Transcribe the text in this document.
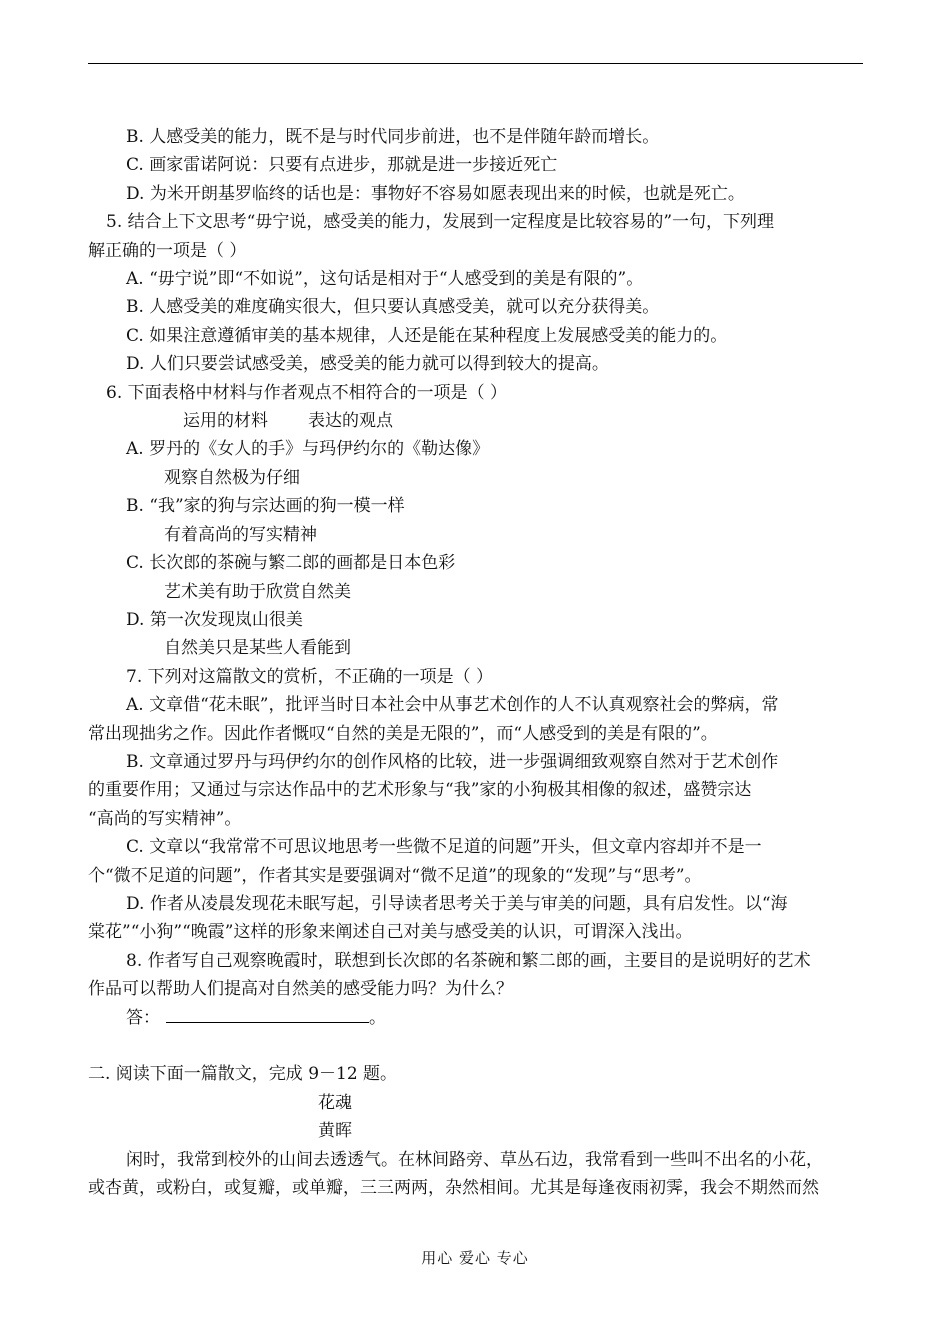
B. 人感受美的能力，既不是与时代同步前进，也不是伴随年龄而增长。
C. 画家雷诺阿说：只要有点进步，那就是进一步接近死亡
D. 为米开朗基罗临终的话也是：事物好不容易如愿表现出来的时候，也就是死亡。
5. 结合上下文思考“毋宁说，感受美的能力，发展到一定程度是比较容易的”一句，下列理
解正确的一项是（ ）
A. “毋宁说”即“不如说”，这句话是相对于“人感受到的美是有限的”。
B. 人感受美的难度确实很大，但只要认真感受美，就可以充分获得美。
C. 如果注意遵循审美的基本规律，人还是能在某种程度上发展感受美的能力的。
D. 人们只要尝试感受美，感受美的能力就可以得到较大的提高。
6. 下面表格中材料与作者观点不相符合的一项是（ ）
运用的材料 表达的观点
A. 罗丹的《女人的手》与玛伊约尔的《勒达像》
观察自然极为仔细
B. “我”家的狗与宗达画的狗一模一样
有着高尚的写实精神
C. 长次郎的茶碗与繁二郎的画都是日本色彩
艺术美有助于欣赏自然美
D. 第一次发现岚山很美
自然美只是某些人看能到
7. 下列对这篇散文的赏析，不正确的一项是（ ）
A. 文章借“花未眠”，批评当时日本社会中从事艺术创作的人不认真观察社会的弊病，常
常出现拙劣之作。因此作者慨叹“自然的美是无限的”，而“人感受到的美是有限的”。
B. 文章通过罗丹与玛伊约尔的创作风格的比较，进一步强调细致观察自然对于艺术创作
的重要作用；又通过与宗达作品中的艺术形象与“我”家的小狗极其相像的叙述，盛赞宗达
“高尚的写实精神”。
C. 文章以“我常常不可思议地思考一些微不足道的问题”开头，但文章内容却并不是一
个“微不足道的问题”，作者其实是要强调对“微不足道”的现象的“发现”与“思考”。
D. 作者从凌晨发现花未眠写起，引导读者思考关于美与审美的问题，具有启发性。以“海
棠花”“小狗”“晚霞”这样的形象来阐述自己对美与感受美的认识，可谓深入浅出。
8. 作者写自己观察晚霞时，联想到长次郎的名茶碗和繁二郎的画，主要目的是说明好的艺术
作品可以帮助人们提高对自然美的感受能力吗？为什么？
答：	。
二. 阅读下面一篇散文，完成 9－12 题。
花魂
黄晖
闲时，我常到校外的山间去透透气。在林间路旁、草丛石边，我常看到一些叫不出名的小花，
或杏黄，或粉白，或复瓣，或单瓣，三三两两，杂然相间。尤其是每逢夜雨初霁，我会不期然而然
用心 爱心 专心
